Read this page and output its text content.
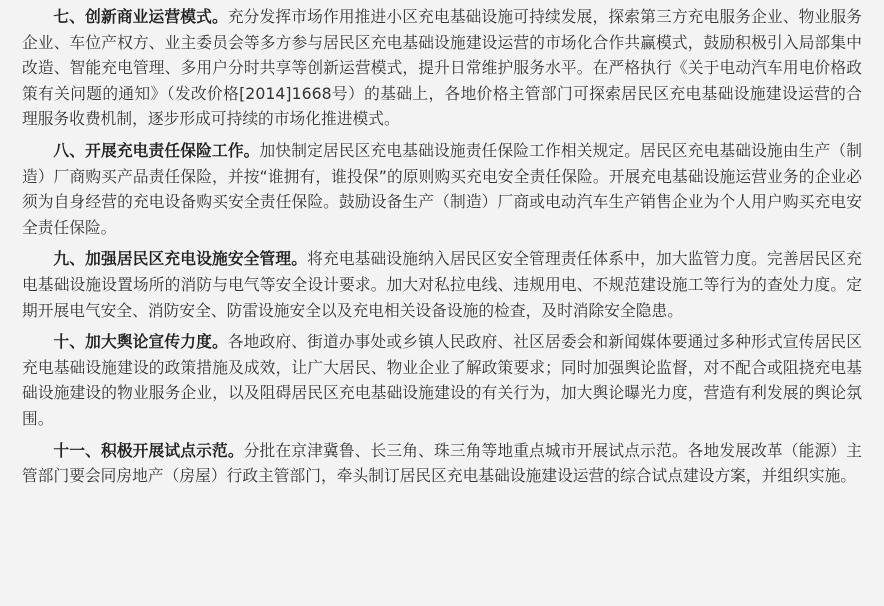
七、创新商业运营模式。充分发挥市场作用推进小区充电基础设施可持续发展，探索第三方充电服务企业、物业服务企业、车位产权方、业主委员会等多方参与居民区充电基础设施建设运营的市场化合作共赢模式，鼓励积极引入局部集中改造、智能充电管理、多用户分时共享等创新运营模式，提升日常维护服务水平。在严格执行《关于电动汽车用电价格政策有关问题的通知》（发改价格[2014]1668号）的基础上，各地价格主管部门可探索居民区充电基础设施建设运营的合理服务收费机制，逐步形成可持续的市场化推进模式。

八、开展充电责任保险工作。加快制定居民区充电基础设施责任保险工作相关规定。居民区充电基础设施由生产（制造）厂商购买产品责任保险，并按“谁拥有，谁投保”的原则购买充电安全责任保险。开展充电基础设施运营业务的企业必须为自身经营的充电设备购买安全责任保险。鼓励设备生产（制造）厂商或电动汽车生产销售企业为个人用户购买充电安全责任保险。

九、加强居民区充电设施安全管理。将充电基础设施纳入居民区安全管理责任体系中，加大监管力度。完善居民区充电基础设施设置场所的消防与电气等安全设计要求。加大对私拉电线、违规用电、不规范建设施工等行为的查处力度。定期开展电气安全、消防安全、防雷设施安全以及充电相关设备设施的检查，及时消除安全隐患。

十、加大舆论宣传力度。各地政府、街道办事处或乡镇人民政府、社区居委会和新闻媒体要通过多种形式宣传居民区充电基础设施建设的政策措施及成效，让广大居民、物业企业了解政策要求；同时加强舆论监督，对不配合或阻挠充电基础设施建设的物业服务企业，以及阻碍居民区充电基础设施建设的有关行为，加大舆论曝光力度，营造有利发展的舆论氛围。

十一、积极开展试点示范。分批在京津冀鲁、长三角、珠三角等地重点城市开展试点示范。各地发展改革（能源）主管部门要会同房地产（房屋）行政主管部门，牵头制订居民区充电基础设施建设运营的综合试点建设方案，并组织实施。
